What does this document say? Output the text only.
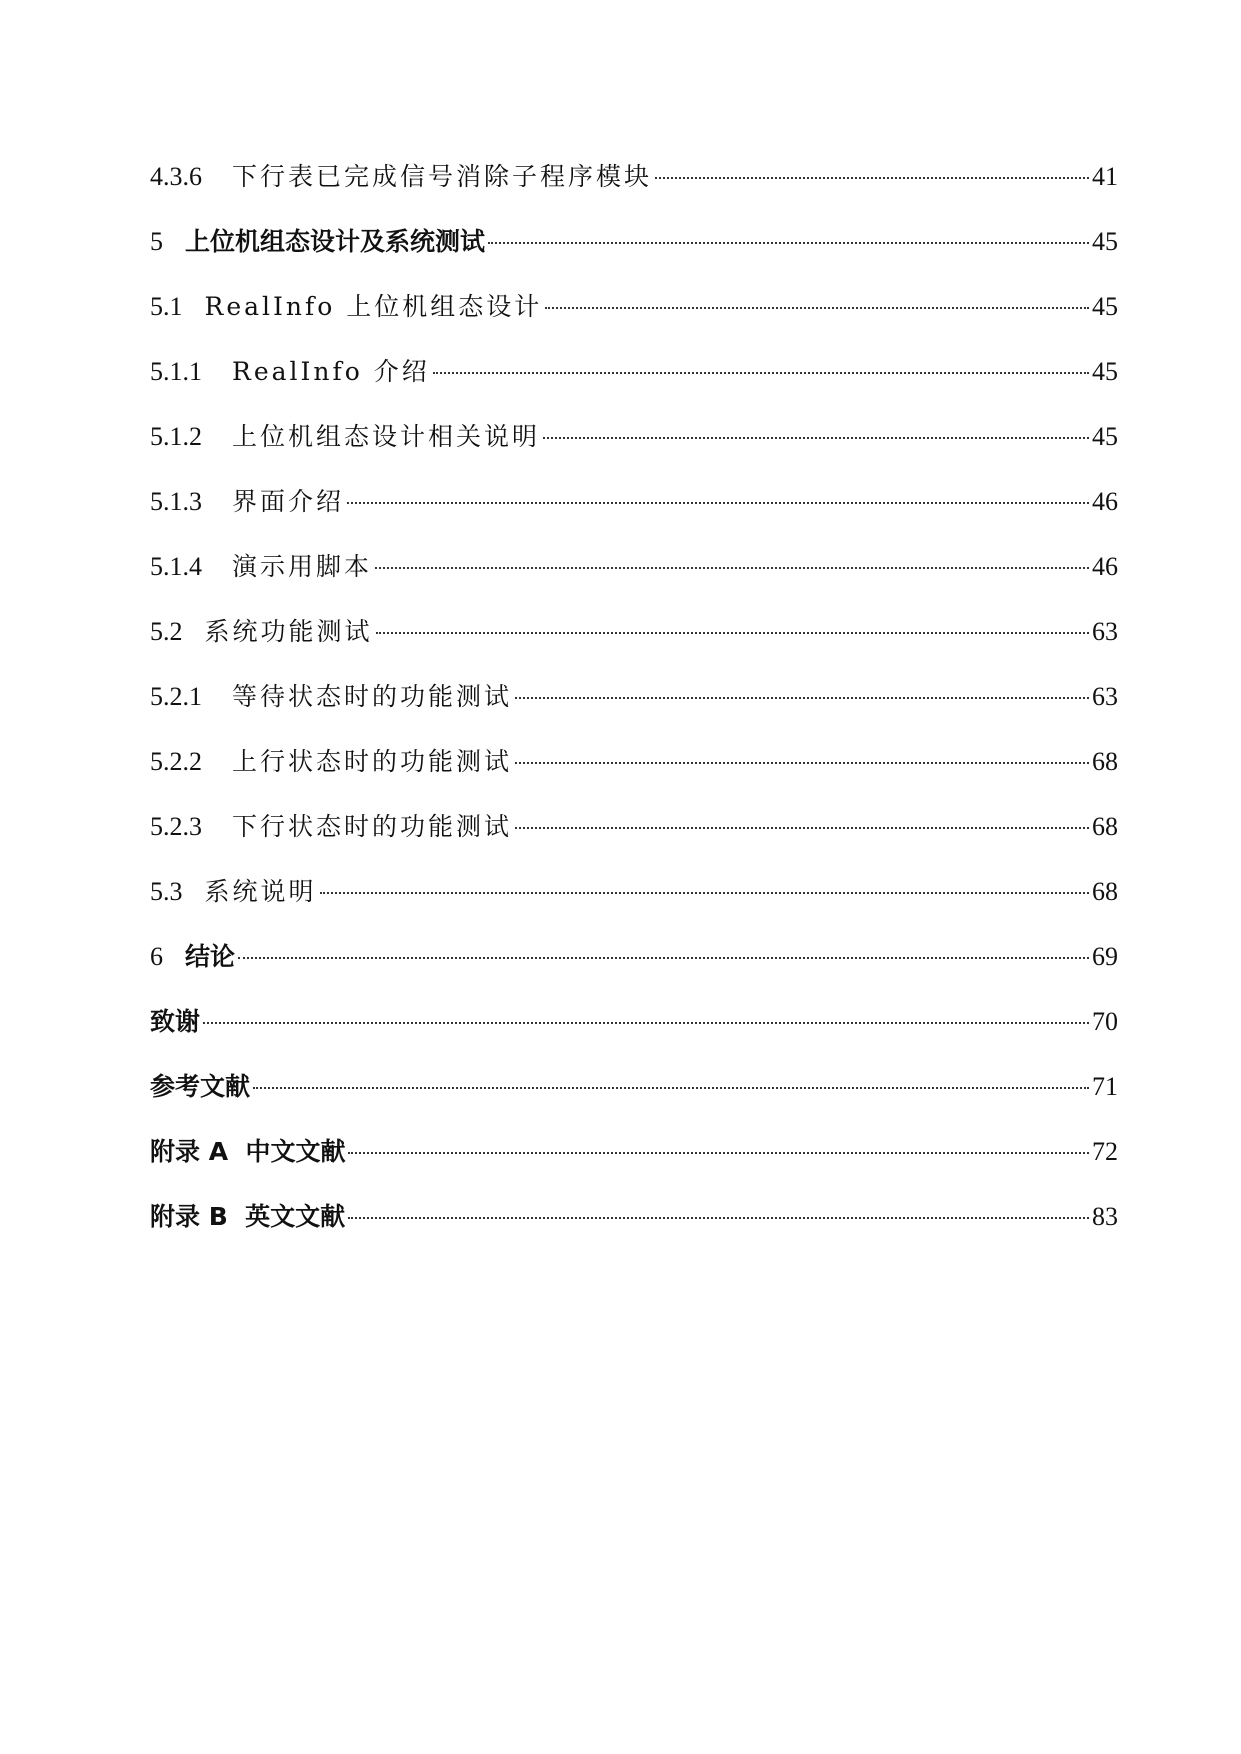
4.3.6 下行表已完成信号消除子程序模块	41
5 上位机组态设计及系统测试	45
5.1 RealInfo 上位机组态设计	45
5.1.1 RealInfo 介绍	45
5.1.2 上位机组态设计相关说明	45
5.1.3 界面介绍	46
5.1.4 演示用脚本	46
5.2 系统功能测试	63
5.2.1 等待状态时的功能测试	63
5.2.2 上行状态时的功能测试	68
5.2.3 下行状态时的功能测试	68
5.3 系统说明	68
6 结论	69
致谢	70
参考文献	71
附录 A  中文文献	72
附录 B  英文文献	83
